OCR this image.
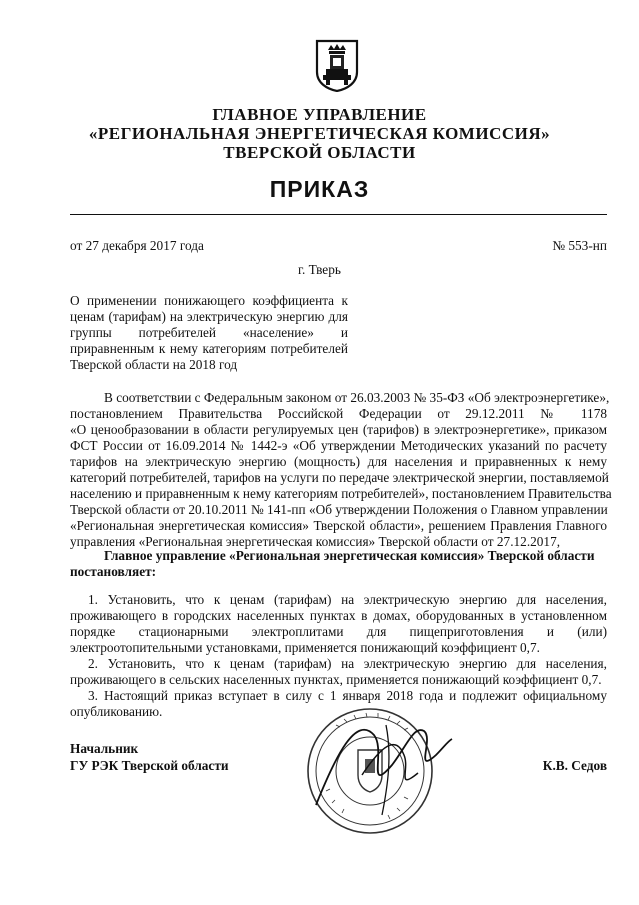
ГЛАВНОЕ УПРАВЛЕНИЕ
«РЕГИОНАЛЬНАЯ ЭНЕРГЕТИЧЕСКАЯ КОМИССИЯ»
ТВЕРСКОЙ ОБЛАСТИ
ПРИКАЗ
от 27 декабря 2017 года	№ 553-нп
г. Тверь

О применении понижающего коэффициента к

ценам (тарифам) на электрическую энергию для

группы потребителей «население» и

приравненным к нему категориям потребителей

Тверской области на 2018 год

В соответствии с Федеральным законом от 26.03.2003 № 35-ФЗ «Об электроэнергетике»,

постановлением Правительства Российской Федерации от 29.12.2011 № 1178

«О ценообразовании в области регулируемых цен (тарифов) в электроэнергетике», приказом

ФСТ России от 16.09.2014 № 1442-э «Об утверждении Методических указаний по расчету

тарифов на электрическую энергию (мощность) для населения и приравненных к нему

категорий потребителей, тарифов на услуги по передаче электрической энергии, поставляемой

населению и приравненным к нему категориям потребителей», постановлением Правительства

Тверской области от 20.10.2011 № 141-пп «Об утверждении Положения о Главном управлении

«Региональная энергетическая комиссия» Тверской области», решением Правления Главного

управления «Региональная энергетическая комиссия» Тверской области от 27.12.2017,

Главное управление «Региональная энергетическая комиссия» Тверской области

постановляет:

1. Установить, что к ценам (тарифам) на электрическую энергию для населения,

проживающего в городских населенных пунктах в домах, оборудованных в установленном

порядке стационарными электроплитами для пищеприготовления и (или)

электроотопительными установками, применяется понижающий коэффициент 0,7.

2. Установить, что к ценам (тарифам) на электрическую энергию для населения,

проживающего в сельских населенных пунктах, применяется понижающий коэффициент 0,7.

3. Настоящий приказ вступает в силу с 1 января 2018 года и подлежит официальному

опубликованию.

Начальник
ГУ РЭК Тверской области	К.В. Седов
